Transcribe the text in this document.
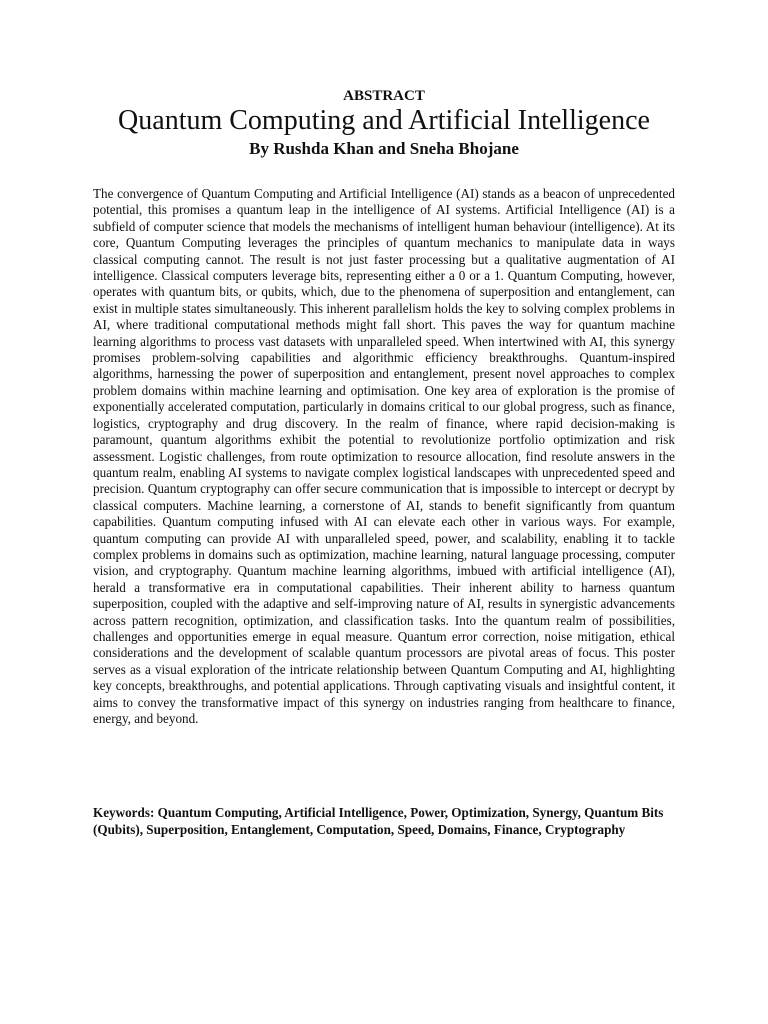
ABSTRACT
Quantum Computing and Artificial Intelligence
By Rushda Khan and Sneha Bhojane

The convergence of Quantum Computing and Artificial Intelligence (AI) stands as a beacon of unprecedented potential, this promises a quantum leap in the intelligence of AI systems. Artificial Intelligence (AI) is a subfield of computer science that models the mechanisms of intelligent human behaviour (intelligence). At its core, Quantum Computing leverages the principles of quantum mechanics to manipulate data in ways classical computing cannot. The result is not just faster processing but a qualitative augmentation of AI intelligence. Classical computers leverage bits, representing either a 0 or a 1. Quantum Computing, however, operates with quantum bits, or qubits, which, due to the phenomena of superposition and entanglement, can exist in multiple states simultaneously. This inherent parallelism holds the key to solving complex problems in AI, where traditional computational methods might fall short. This paves the way for quantum machine learning algorithms to process vast datasets with unparalleled speed. When intertwined with AI, this synergy promises problem-solving capabilities and algorithmic efficiency breakthroughs. Quantum-inspired algorithms, harnessing the power of superposition and entanglement, present novel approaches to complex problem domains within machine learning and optimisation. One key area of exploration is the promise of exponentially accelerated computation, particularly in domains critical to our global progress, such as finance, logistics, cryptography and drug discovery. In the realm of finance, where rapid decision-making is paramount, quantum algorithms exhibit the potential to revolutionize portfolio optimization and risk assessment. Logistic challenges, from route optimization to resource allocation, find resolute answers in the quantum realm, enabling AI systems to navigate complex logistical landscapes with unprecedented speed and precision. Quantum cryptography can offer secure communication that is impossible to intercept or decrypt by classical computers. Machine learning, a cornerstone of AI, stands to benefit significantly from quantum capabilities. Quantum computing infused with AI can elevate each other in various ways. For example, quantum computing can provide AI with unparalleled speed, power, and scalability, enabling it to tackle complex problems in domains such as optimization, machine learning, natural language processing, computer vision, and cryptography. Quantum machine learning algorithms, imbued with artificial intelligence (AI), herald a transformative era in computational capabilities. Their inherent ability to harness quantum superposition, coupled with the adaptive and self-improving nature of AI, results in synergistic advancements across pattern recognition, optimization, and classification tasks. Into the quantum realm of possibilities, challenges and opportunities emerge in equal measure. Quantum error correction, noise mitigation, ethical considerations and the development of scalable quantum processors are pivotal areas of focus. This poster serves as a visual exploration of the intricate relationship between Quantum Computing and AI, highlighting key concepts, breakthroughs, and potential applications. Through captivating visuals and insightful content, it aims to convey the transformative impact of this synergy on industries ranging from healthcare to finance, energy, and beyond.

Keywords: Quantum Computing, Artificial Intelligence, Power, Optimization, Synergy, Quantum Bits (Qubits), Superposition, Entanglement, Computation, Speed, Domains, Finance, Cryptography
